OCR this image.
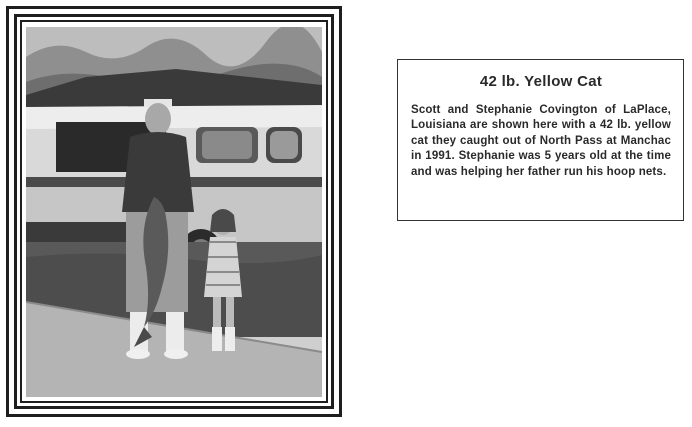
42 lb. Yellow Cat

Scott and Stephanie Covington of LaPlace, Louisiana are shown here with a 42 lb. yellow cat they caught out of North Pass at Manchac in 1991. Stephanie was 5 years old at the time and was helping her father run his hoop nets.
